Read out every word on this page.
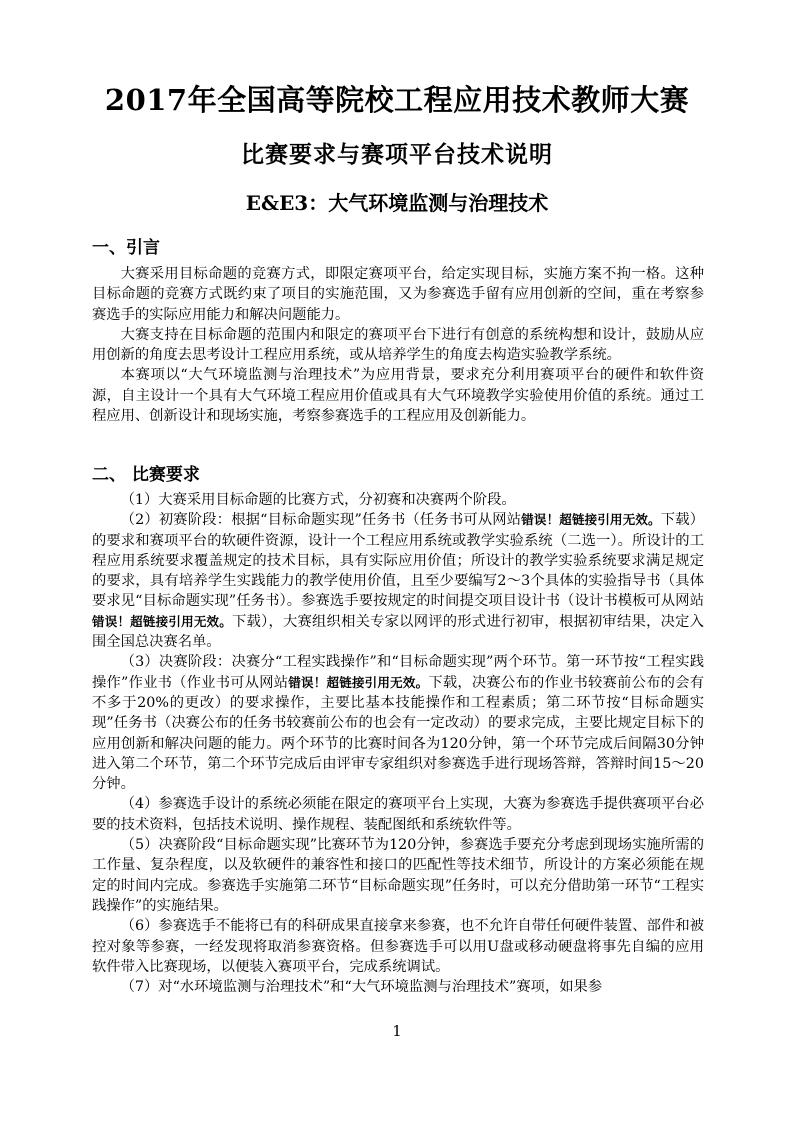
2017年全国高等院校工程应用技术教师大赛
比赛要求与赛项平台技术说明
E&E3：大气环境监测与治理技术
一、引言

大赛采用目标命题的竞赛方式，即限定赛项平台，给定实现目标，实施方案不拘一格。这种目标命题的竞赛方式既约束了项目的实施范围，又为参赛选手留有应用创新的空间，重在考察参赛选手的实际应用能力和解决问题能力。

大赛支持在目标命题的范围内和限定的赛项平台下进行有创意的系统构想和设计，鼓励从应用创新的角度去思考设计工程应用系统，或从培养学生的角度去构造实验教学系统。

本赛项以“大气环境监测与治理技术”为应用背景，要求充分利用赛项平台的硬件和软件资源，自主设计一个具有大气环境工程应用价值或具有大气环境教学实验使用价值的系统。通过工程应用、创新设计和现场实施，考察参赛选手的工程应用及创新能力。

二、 比赛要求

（1）大赛采用目标命题的比赛方式，分初赛和决赛两个阶段。

（2）初赛阶段：根据“目标命题实现”任务书（任务书可从网站错误！超链接引用无效。下载）的要求和赛项平台的软硬件资源，设计一个工程应用系统或教学实验系统（二选一）。所设计的工程应用系统要求覆盖规定的技术目标，具有实际应用价值；所设计的教学实验系统要求满足规定的要求，具有培养学生实践能力的教学使用价值，且至少要编写2～3个具体的实验指导书（具体要求见“目标命题实现”任务书）。参赛选手要按规定的时间提交项目设计书（设计书模板可从网站错误！超链接引用无效。下载），大赛组织相关专家以网评的形式进行初审，根据初审结果，决定入围全国总决赛名单。

（3）决赛阶段：决赛分“工程实践操作”和“目标命题实现”两个环节。第一环节按“工程实践操作”作业书（作业书可从网站错误！超链接引用无效。下载，决赛公布的作业书较赛前公布的会有不多于20%的更改）的要求操作，主要比基本技能操作和工程素质；第二环节按“目标命题实现”任务书（决赛公布的任务书较赛前公布的也会有一定改动）的要求完成，主要比规定目标下的应用创新和解决问题的能力。两个环节的比赛时间各为120分钟，第一个环节完成后间隔30分钟进入第二个环节，第二个环节完成后由评审专家组织对参赛选手进行现场答辩，答辩时间15～20分钟。

（4）参赛选手设计的系统必须能在限定的赛项平台上实现，大赛为参赛选手提供赛项平台必要的技术资料，包括技术说明、操作规程、装配图纸和系统软件等。

（5）决赛阶段“目标命题实现”比赛环节为120分钟，参赛选手要充分考虑到现场实施所需的工作量、复杂程度，以及软硬件的兼容性和接口的匹配性等技术细节，所设计的方案必须能在规定的时间内完成。参赛选手实施第二环节“目标命题实现”任务时，可以充分借助第一环节“工程实践操作”的实施结果。

（6）参赛选手不能将已有的科研成果直接拿来参赛，也不允许自带任何硬件装置、部件和被控对象等参赛，一经发现将取消参赛资格。但参赛选手可以用U盘或移动硬盘将事先自编的应用软件带入比赛现场，以便装入赛项平台，完成系统调试。

（7）对“水环境监测与治理技术”和“大气环境监测与治理技术”赛项，如果参

1
